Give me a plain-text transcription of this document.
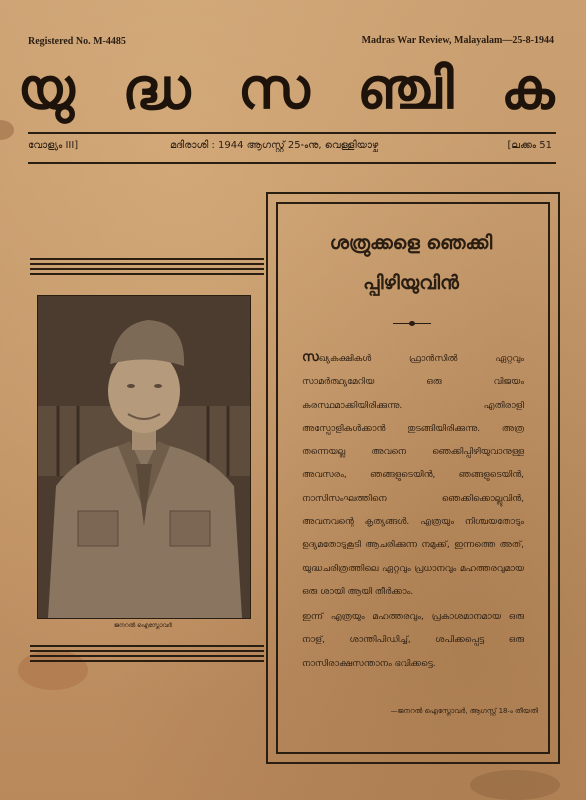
Registered No. M-4485	Madras War Review, Malayalam—25-8-1944
യു ദ്ധ സ ഞ്ചി ക
വോള്യം III]	മദിരാശി : 1944 ആഗസ്റ്റ് 25-ംനു, വെള്ളിയാഴ്ച	[ലക്കം 51
ജനറൽ ഐസ്നോവർ
ശത്രുക്കളെ ഞെക്കി
പ്പിഴിയുവിൻ
സഖ്യകക്ഷികൾ ഫ്രാൻസിൽ ഏറ്റവും സാമർത്ഥ്യമേറിയ ഒരു വിജയം കരസ്ഥമാക്കിയിരിക്കുന്നു. എതിരാളി അസ്പോളികൾക്കാൻ തുടങ്ങിയിരിക്കുന്നു. അത്ര തന്നെയല്ല അവനെ ഞെക്കിപ്പിഴിയുവാനുള്ള അവസരം, ഞങ്ങളുടെയിൻ, ഞങ്ങളുടെയിൻ, നാസിസംഘത്തിനെ ഞെക്കിക്കൊല്ലുവിൻ, അവനവന്റെ കൃത്യങ്ങൾ. എത്രയും നിശ്ചയതോടും ഉദ്യമതോടുകൂടി ആചരിക്കുന്ന നമുക്ക്, ഇന്നത്തെ അത്, യുദ്ധചരിത്രത്തിലെ ഏറ്റവും പ്രധാനവും മഹത്തരവുമായ ഒരു ശായി ആയി തീർക്കാം.
ഇന്ന് എത്രയും മഹത്തരവും, പ്രകാശമാനമായ ഒരു നാള്, ശാന്തിപിഡിച്ച്, ശപിക്കപ്പെട്ട ഒരു നാസിരാക്ഷസന്താനം ഭവിക്കട്ടെ.
—ജനറൽ ഐസ്നോവർ, ആഗസ്റ്റ് 18-ം തീയതി
